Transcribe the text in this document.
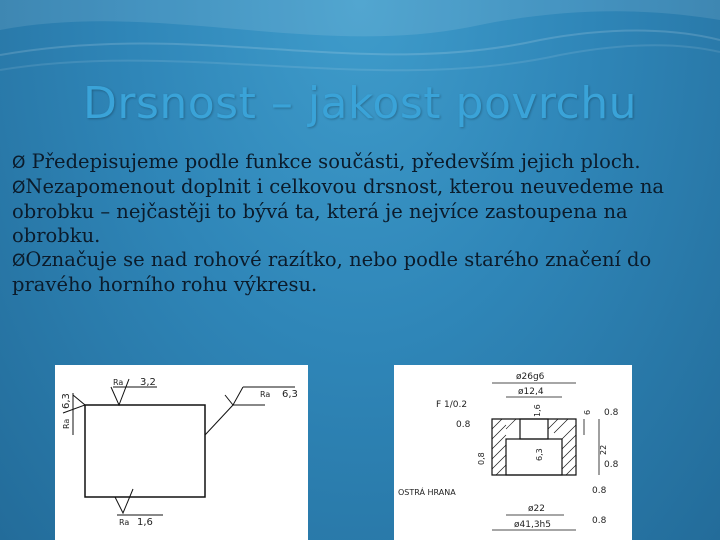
Drsnost – jakost povrchu
Ø Předepisujeme podle funkce součásti, především jejich ploch.
ØNezapomenout doplnit i celkovou drsnost, kterou neuvedeme na obrobku – nejčastěji to bývá ta, která je nejvíce zastoupena na obrobku.
ØOznačuje se nad rohové razítko, nebo podle starého značení do pravého horního rohu výkresu.
Ra 3,2
Ra 6,3
Ra
6,3
Ra 1,6
ø26g6
ø12,4
F 1/0.2
0.8
0.8
0.8
0.8
0.8
1,6	6
22
6,3
0,8
OSTRÁ HRANA
ø22
ø41,3h5
